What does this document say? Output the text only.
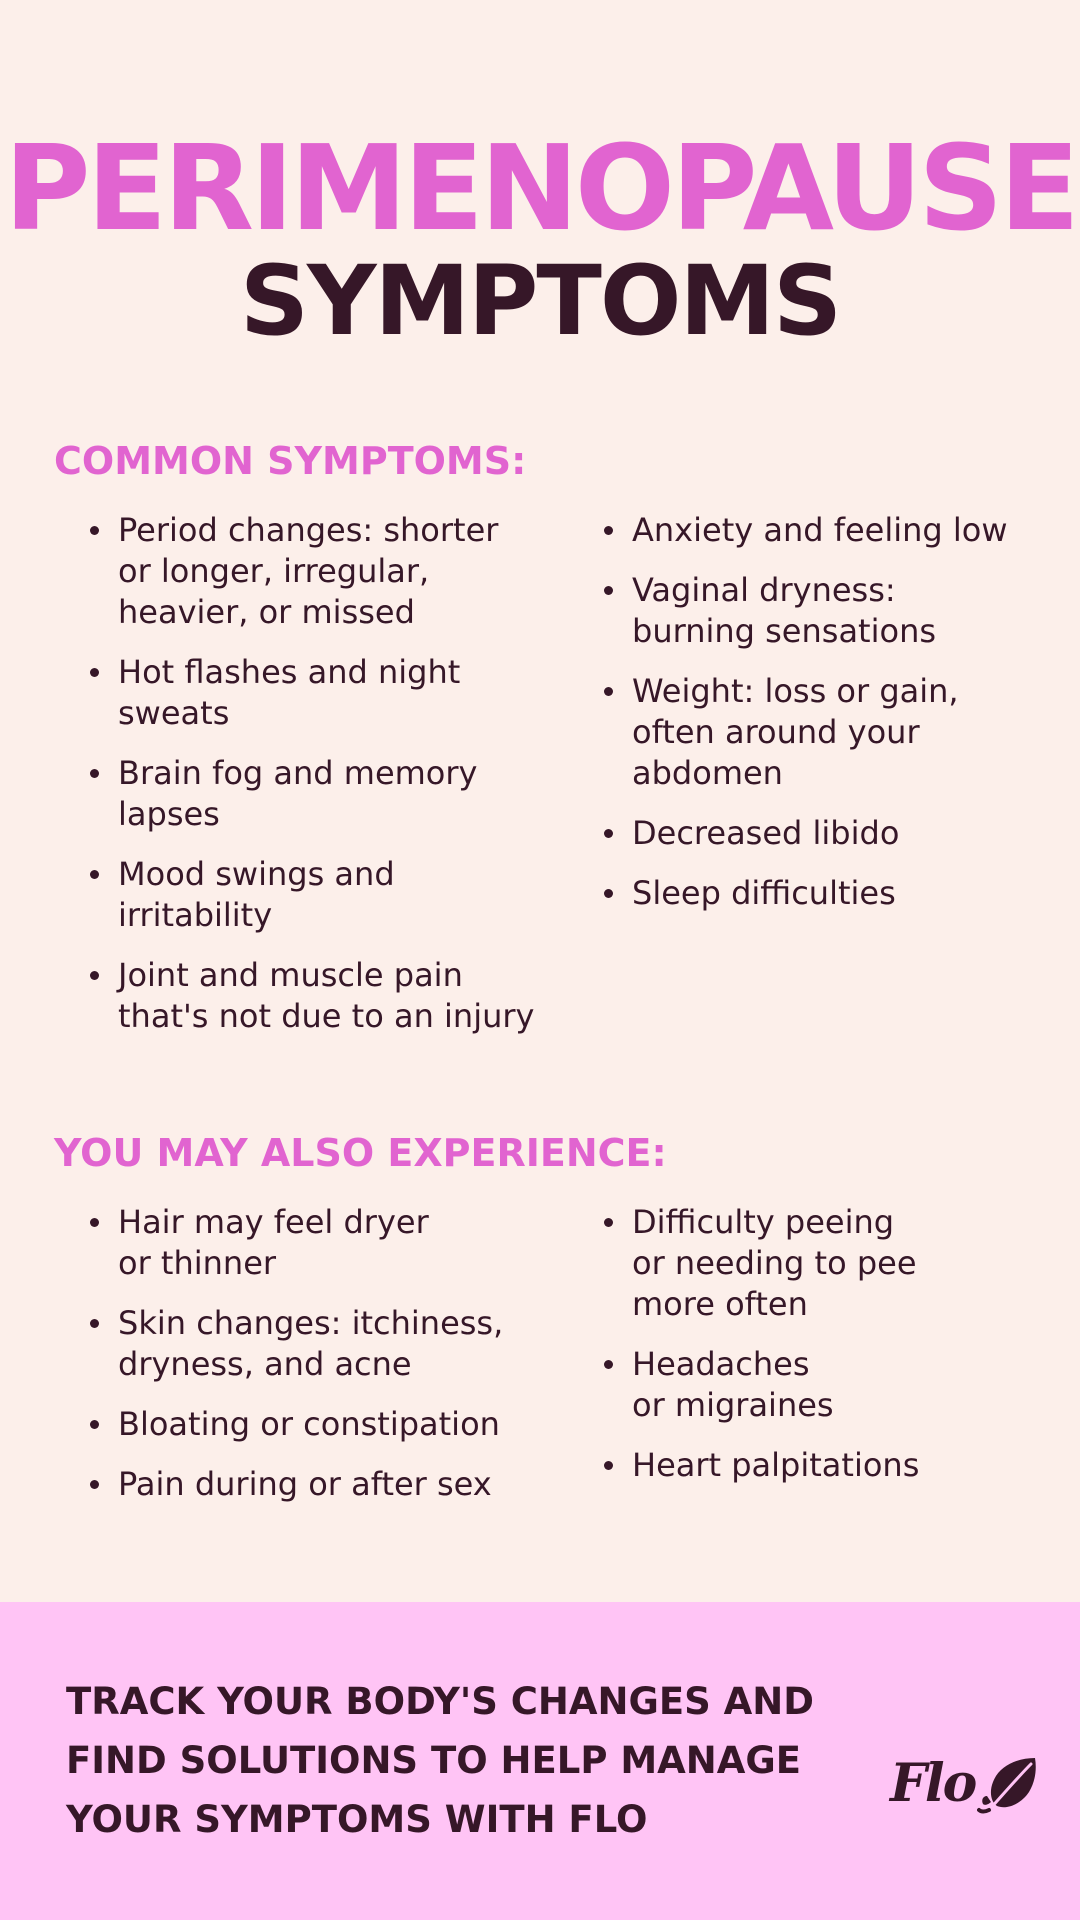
PERIMENOPAUSE
SYMPTOMS
COMMON SYMPTOMS:
Period changes: shorter
or longer, irregular,
heavier, or missed
Hot flashes and night
sweats
Brain fog and memory
lapses
Mood swings and
irritability
Joint and muscle pain
that's not due to an injury
Anxiety and feeling low
Vaginal dryness:
burning sensations
Weight: loss or gain,
often around your
abdomen
Decreased libido
Sleep difficulties
YOU MAY ALSO EXPERIENCE:
Hair may feel dryer
or thinner
Skin changes: itchiness,
dryness, and acne
Bloating or constipation
Pain during or after sex
Difficulty peeing
or needing to pee
more often
Headaches
or migraines
Heart palpitations

TRACK YOUR BODY'S CHANGES AND
FIND SOLUTIONS TO HELP MANAGE
YOUR SYMPTOMS WITH FLO

Flo
